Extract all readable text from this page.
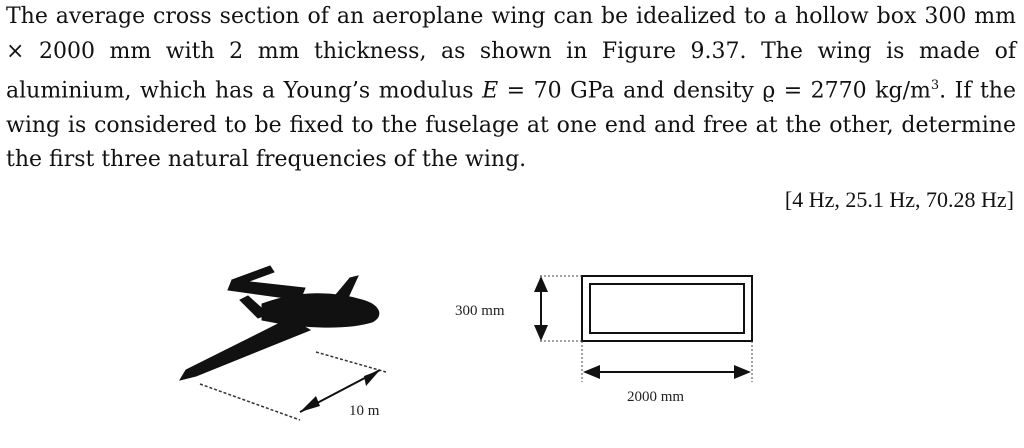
The average cross section of an aeroplane wing can be idealized to a hollow box 300 mm × 2000 mm with 2 mm thickness, as shown in Figure 9.37. The wing is made of aluminium, which has a Young’s modulus E = 70 GPa and density ϱ = 2770 $kg/m^3$. If the wing is considered to be fixed to the fuselage at one end and free at the other, determine the first three natural frequencies of the wing.

[4 Hz, 25.1 Hz, 70.28 Hz]
10 m
300 mm
2000 mm
